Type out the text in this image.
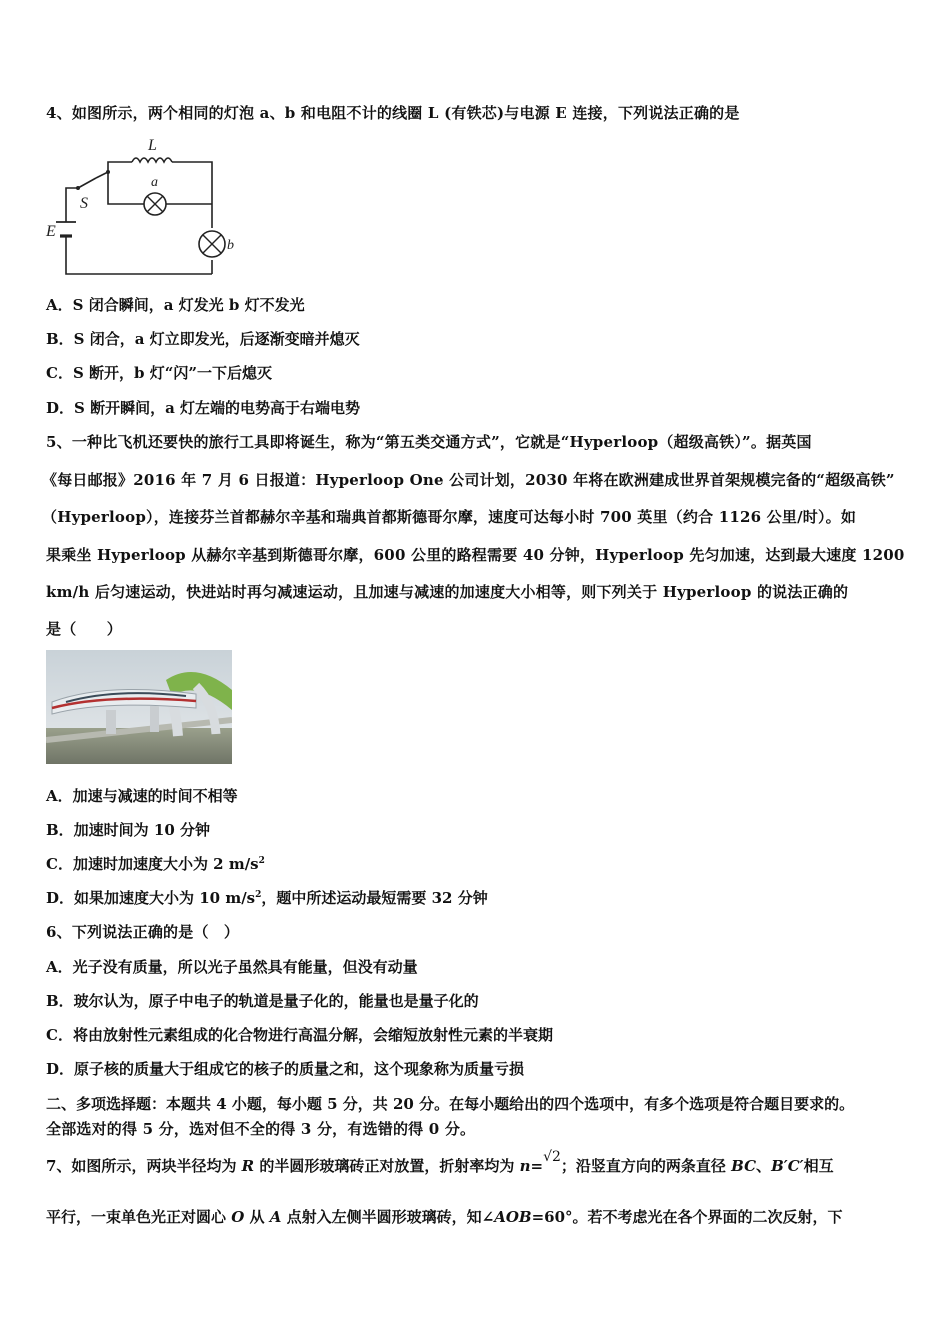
4、如图所示，两个相同的灯泡 a、b 和电阻不计的线圈 L (有铁芯)与电源 E 连接，下列说法正确的是
L
S
E
a
b
A．S 闭合瞬间，a 灯发光 b 灯不发光
B．S 闭合，a 灯立即发光，后逐渐变暗并熄灭
C．S 断开，b 灯“闪”一下后熄灭
D．S 断开瞬间，a 灯左端的电势高于右端电势
5、一种比飞机还要快的旅行工具即将诞生，称为“第五类交通方式”，它就是“Hyperloop（超级高铁）”。据英国
《每日邮报》2016 年 7 月 6 日报道：Hyperloop One 公司计划，2030 年将在欧洲建成世界首架规模完备的“超级高铁”
（Hyperloop），连接芬兰首都赫尔辛基和瑞典首都斯德哥尔摩，速度可达每小时 700 英里（约合 1126 公里/时）。如
果乘坐 Hyperloop 从赫尔辛基到斯德哥尔摩，600 公里的路程需要 40 分钟，Hyperloop 先匀加速，达到最大速度 1200
km/h 后匀速运动，快进站时再匀减速运动，且加速与减速的加速度大小相等，则下列关于 Hyperloop 的说法正确的
是（　　）
A．加速与减速的时间不相等
B．加速时间为 10 分钟
C．加速时加速度大小为 2 $m/s^2$
D．如果加速度大小为 10 $m/s^2$，题中所述运动最短需要 32 分钟
6、下列说法正确的是（　）
A．光子没有质量，所以光子虽然具有能量，但没有动量
B．玻尔认为，原子中电子的轨道是量子化的，能量也是量子化的
C．将由放射性元素组成的化合物进行高温分解，会缩短放射性元素的半衰期
D．原子核的质量大于组成它的核子的质量之和，这个现象称为质量亏损
二、多项选择题：本题共 4 小题，每小题 5 分，共 20 分。在每小题给出的四个选项中，有多个选项是符合题目要求的。
全部选对的得 5 分，选对但不全的得 3 分，有选错的得 0 分。
7、如图所示，两块半径均为 R 的半圆形玻璃砖正对放置，折射率均为 n=√2；沿竖直方向的两条直径 BC、B′C′相互
平行，一束单色光正对圆心 O 从 A 点射入左侧半圆形玻璃砖，知∠AOB=60°。若不考虑光在各个界面的二次反射，下
